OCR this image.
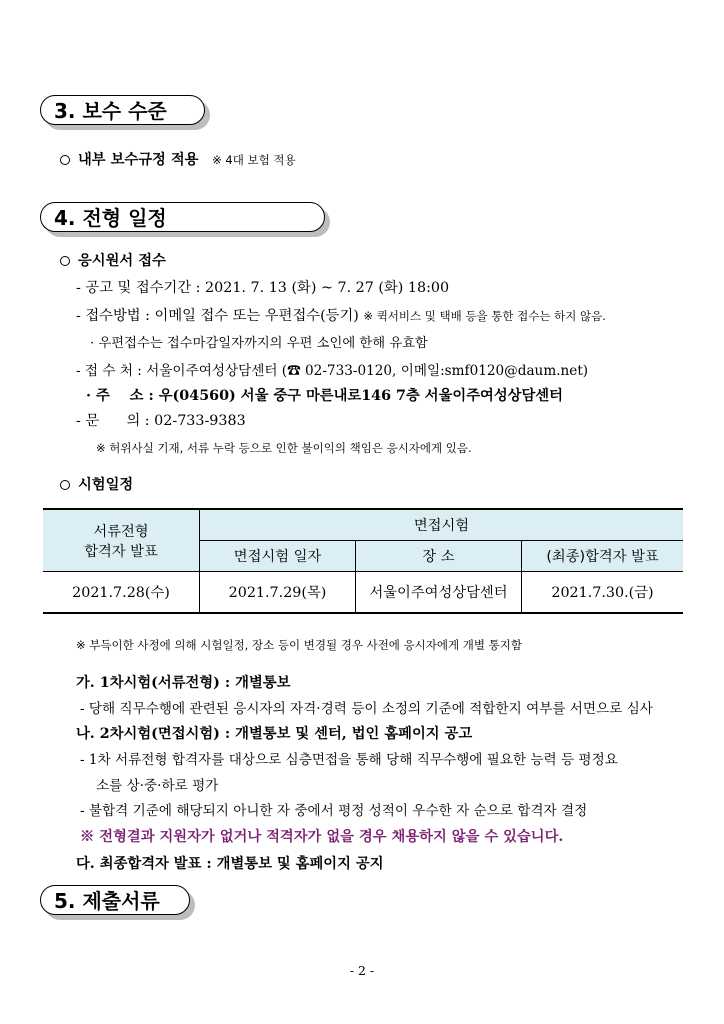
3. 보수 수준
내부 보수규정 적용 ※ 4대 보험 적용
4. 전형 일정
응시원서 접수
- 공고 및 접수기간 : 2021. 7. 13 (화) ~ 7. 27 (화) 18:00
- 접수방법 : 이메일 접수 또는 우편접수(등기) ※ 퀵서비스 및 택배 등을 통한 접수는 하지 않음.
· 우편접수는 접수마감일자까지의 우편 소인에 한해 유효함
- 접 수 처 : 서울이주여성상담센터 (☎ 02-733-0120, 이메일:smf0120@daum.net)
· 주    소 : 우(04560) 서울 중구 마른내로146 7층 서울이주여성상담센터
- 문      의 : 02-733-9383
※ 허위사실 기재, 서류 누락 등으로 인한 불이익의 책임은 응시자에게 있음.
시험일정
서류전형
합격자 발표	면접시험		
	면접시험 일자	장 소	(최종)합격자 발표
2021.7.28(수)	2021.7.29(목)	서울이주여성상담센터	2021.7.30.(금)
※ 부득이한 사정에 의해 시험일정, 장소 등이 변경될 경우 사전에 응시자에게 개별 통지함
가. 1차시험(서류전형) : 개별통보
- 당해 직무수행에 관련된 응시자의 자격·경력 등이 소정의 기준에 적합한지 여부를 서면으로 심사
나. 2차시험(면접시험) : 개별통보 및 센터, 법인 홈페이지 공고
- 1차 서류전형 합격자를 대상으로 심층면접을 통해 당해 직무수행에 필요한 능력 등 평정요
소를 상·중·하로 평가
- 불합격 기준에 해당되지 아니한 자 중에서 평정 성적이 우수한 자 순으로 합격자 결정
※ 전형결과 지원자가 없거나 적격자가 없을 경우 채용하지 않을 수 있습니다.
다. 최종합격자 발표 : 개별통보 및 홈페이지 공지
5. 제출서류
- 2 -
